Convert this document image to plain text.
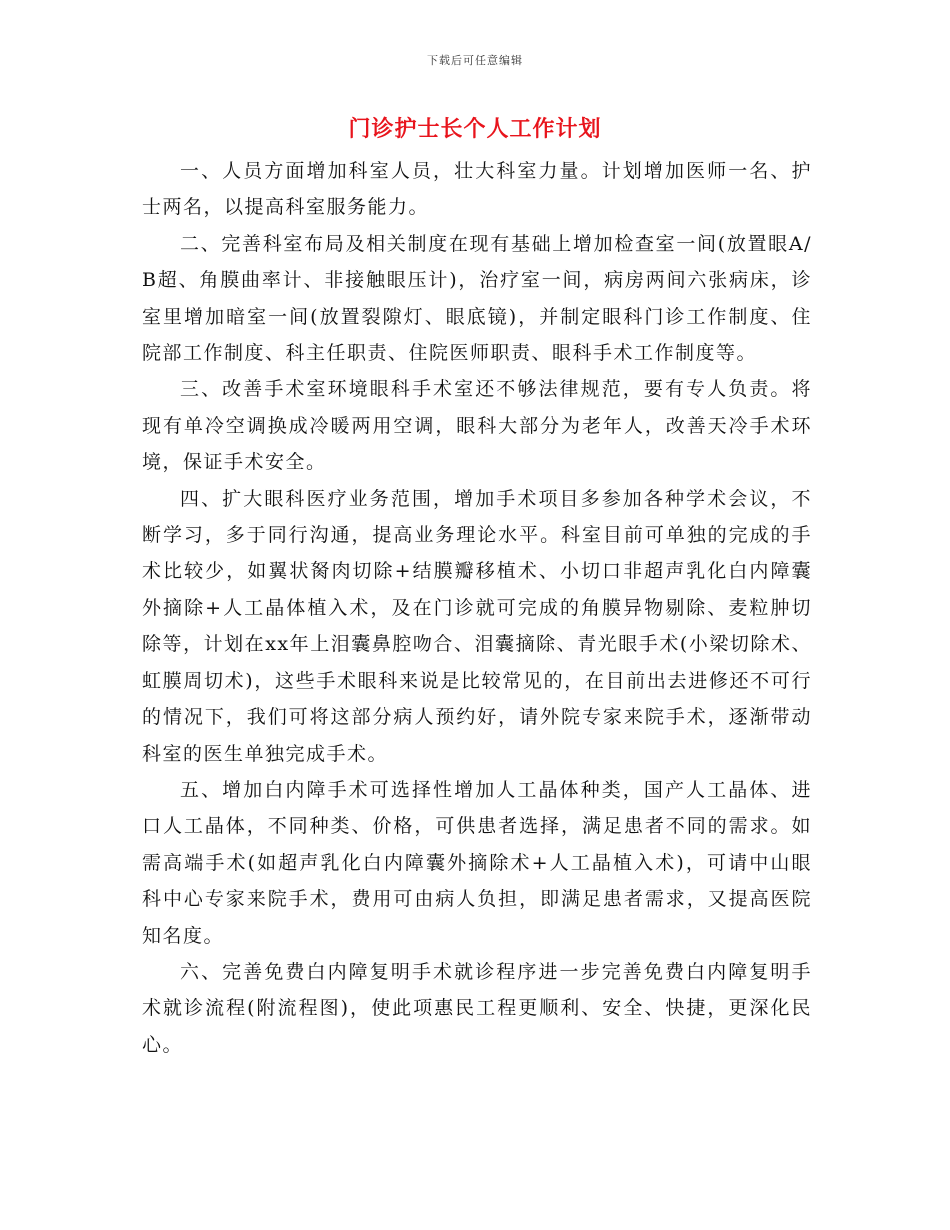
下载后可任意编辑
门诊护士长个人工作计划

一、人员方面增加科室人员，壮大科室力量。计划增加医师一名、护士两名，以提高科室服务能力。

二、完善科室布局及相关制度在现有基础上增加检查室一间(放置眼A/B超、角膜曲率计、非接触眼压计)，治疗室一间，病房两间六张病床，诊室里增加暗室一间(放置裂隙灯、眼底镜)，并制定眼科门诊工作制度、住院部工作制度、科主任职责、住院医师职责、眼科手术工作制度等。

三、改善手术室环境眼科手术室还不够法律规范，要有专人负责。将现有单冷空调换成冷暖两用空调，眼科大部分为老年人，改善天冷手术环境，保证手术安全。

四、扩大眼科医疗业务范围，增加手术项目多参加各种学术会议，不断学习，多于同行沟通，提高业务理论水平。科室目前可单独的完成的手术比较少，如翼状胬肉切除+结膜瓣移植术、小切口非超声乳化白内障囊外摘除+人工晶体植入术，及在门诊就可完成的角膜异物剔除、麦粒肿切除等，计划在xx年上泪囊鼻腔吻合、泪囊摘除、青光眼手术(小梁切除术、虹膜周切术)，这些手术眼科来说是比较常见的，在目前出去进修还不可行的情况下，我们可将这部分病人预约好，请外院专家来院手术，逐渐带动科室的医生单独完成手术。

五、增加白内障手术可选择性增加人工晶体种类，国产人工晶体、进口人工晶体，不同种类、价格，可供患者选择，满足患者不同的需求。如需高端手术(如超声乳化白内障囊外摘除术+人工晶植入术)，可请中山眼科中心专家来院手术，费用可由病人负担，即满足患者需求，又提高医院知名度。

六、完善免费白内障复明手术就诊程序进一步完善免费白内障复明手术就诊流程(附流程图)，使此项惠民工程更顺利、安全、快捷，更深化民心。
